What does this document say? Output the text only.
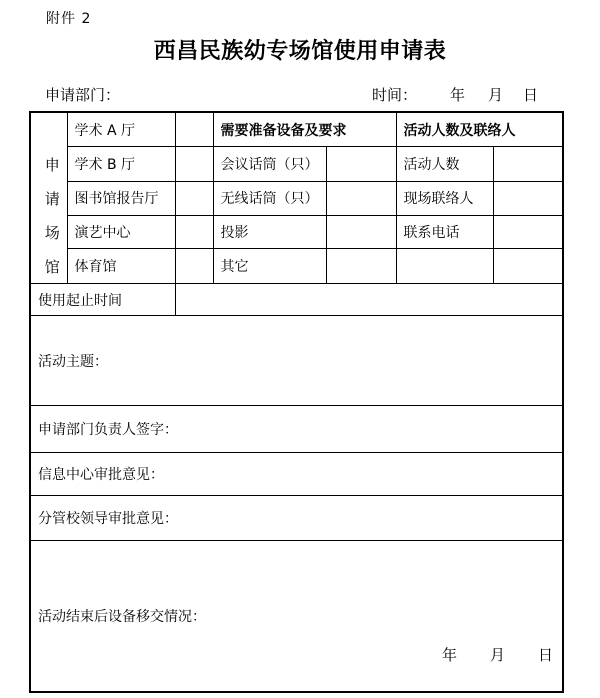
附件 2
西昌民族幼专场馆使用申请表
申请部门：	时间： 年 月 日
申
请
场
馆	学术 A 厅		需要准备设备及要求		活动人数及联络人	
	学术 B 厅		会议话筒（只）		活动人数	
	图书馆报告厅		无线话筒（只）		现场联络人	
	演艺中心		投影		联系电话	
	体育馆		其它			
使用起止时间						
活动主题：						
申请部门负责人签字：						
信息中心审批意见：						
分管校领导审批意见：						
活动结束后设备移交情况：
年 月 日						
